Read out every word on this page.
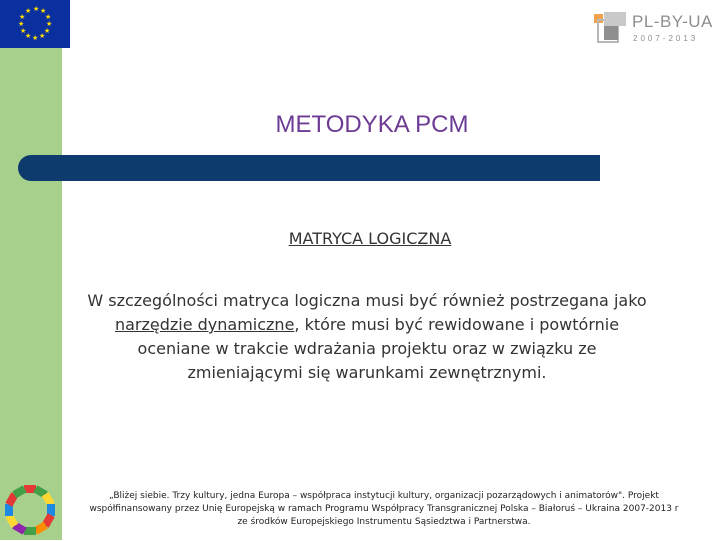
★ ★
★
★
★
★
★
★
★
★
★
★
PL-BY-UA
2007-2013
METODYKA PCM
MATRYCA LOGICZNA
W szczególności matryca logiczna musi być również postrzegana jako narzędzie dynamiczne, które musi być rewidowane i powtórnie oceniane w trakcie wdrażania projektu oraz w związku ze zmieniającymi się warunkami zewnętrznymi.
„Bliżej siebie. Trzy kultury, jedna Europa – współpraca instytucji kultury, organizacji pozarządowych i animatorów". Projekt współfinansowany przez Unię Europejską w ramach Programu Współpracy Transgranicznej Polska – Białoruś – Ukraina 2007-2013 r ze środków Europejskiego Instrumentu Sąsiedztwa i Partnerstwa.
